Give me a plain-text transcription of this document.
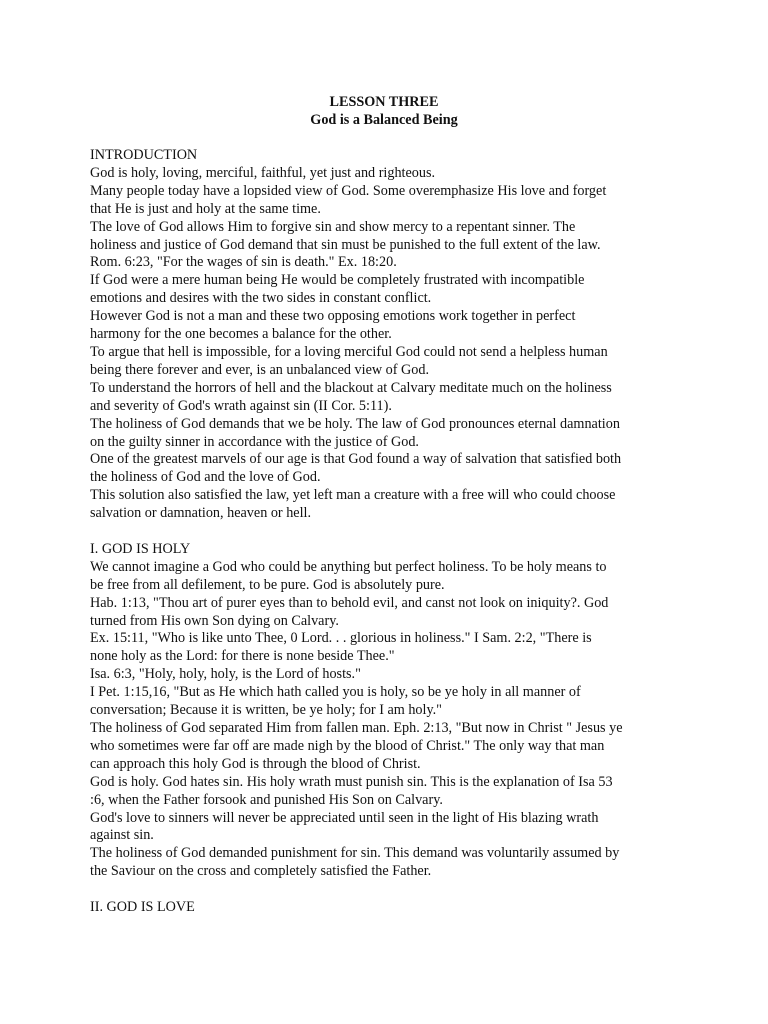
LESSON THREE
God is a Balanced Being
INTRODUCTION
God is holy, loving, merciful, faithful, yet just and righteous.
Many people today have a lopsided view of God. Some overemphasize His love and forget
that He is just and holy at the same time.
The love of God allows Him to forgive sin and show mercy to a repentant sinner. The
holiness and justice of God demand that sin must be punished to the full extent of the law.
Rom. 6:23, "For the wages of sin is death." Ex. 18:20.
If God were a mere human being He would be completely frustrated with incompatible
emotions and desires with the two sides in constant conflict.
However God is not a man and these two opposing emotions work together in perfect
harmony for the one becomes a balance for the other.
To argue that hell is impossible, for a loving merciful God could not send a helpless human
being there forever and ever, is an unbalanced view of God.
To understand the horrors of hell and the blackout at Calvary meditate much on the holiness
and severity of God's wrath against sin (II Cor. 5:11).
The holiness of God demands that we be holy. The law of God pronounces eternal damnation
on the guilty sinner in accordance with the justice of God.
One of the greatest marvels of our age is that God found a way of salvation that satisfied both
the holiness of God and the love of God.
This solution also satisfied the law, yet left man a creature with a free will who could choose
salvation or damnation, heaven or hell.
I. GOD IS HOLY
We cannot imagine a God who could be anything but perfect holiness. To be holy means to
be free from all defilement, to be pure. God is absolutely pure.
Hab. 1:13, "Thou art of purer eyes than to behold evil, and canst not look on iniquity?. God
turned from His own Son dying on Calvary.
Ex. 15:11, "Who is like unto Thee, 0 Lord. . . glorious in holiness." I Sam. 2:2, "There is
none holy as the Lord: for there is none beside Thee."
Isa. 6:3, "Holy, holy, holy, is the Lord of hosts."
I Pet. 1:15,16, "But as He which hath called you is holy, so be ye holy in all manner of
conversation; Because it is written, be ye holy; for I am holy."
The holiness of God separated Him from fallen man. Eph. 2:13, "But now in Christ " Jesus ye
who sometimes were far off are made nigh by the blood of Christ." The only way that man
can approach this holy God is through the blood of Christ.
God is holy. God hates sin. His holy wrath must punish sin. This is the explanation of Isa 53
:6, when the Father forsook and punished His Son on Calvary.
God's love to sinners will never be appreciated until seen in the light of His blazing wrath
against sin.
The holiness of God demanded punishment for sin. This demand was voluntarily assumed by
the Saviour on the cross and completely satisfied the Father.
II. GOD IS LOVE
